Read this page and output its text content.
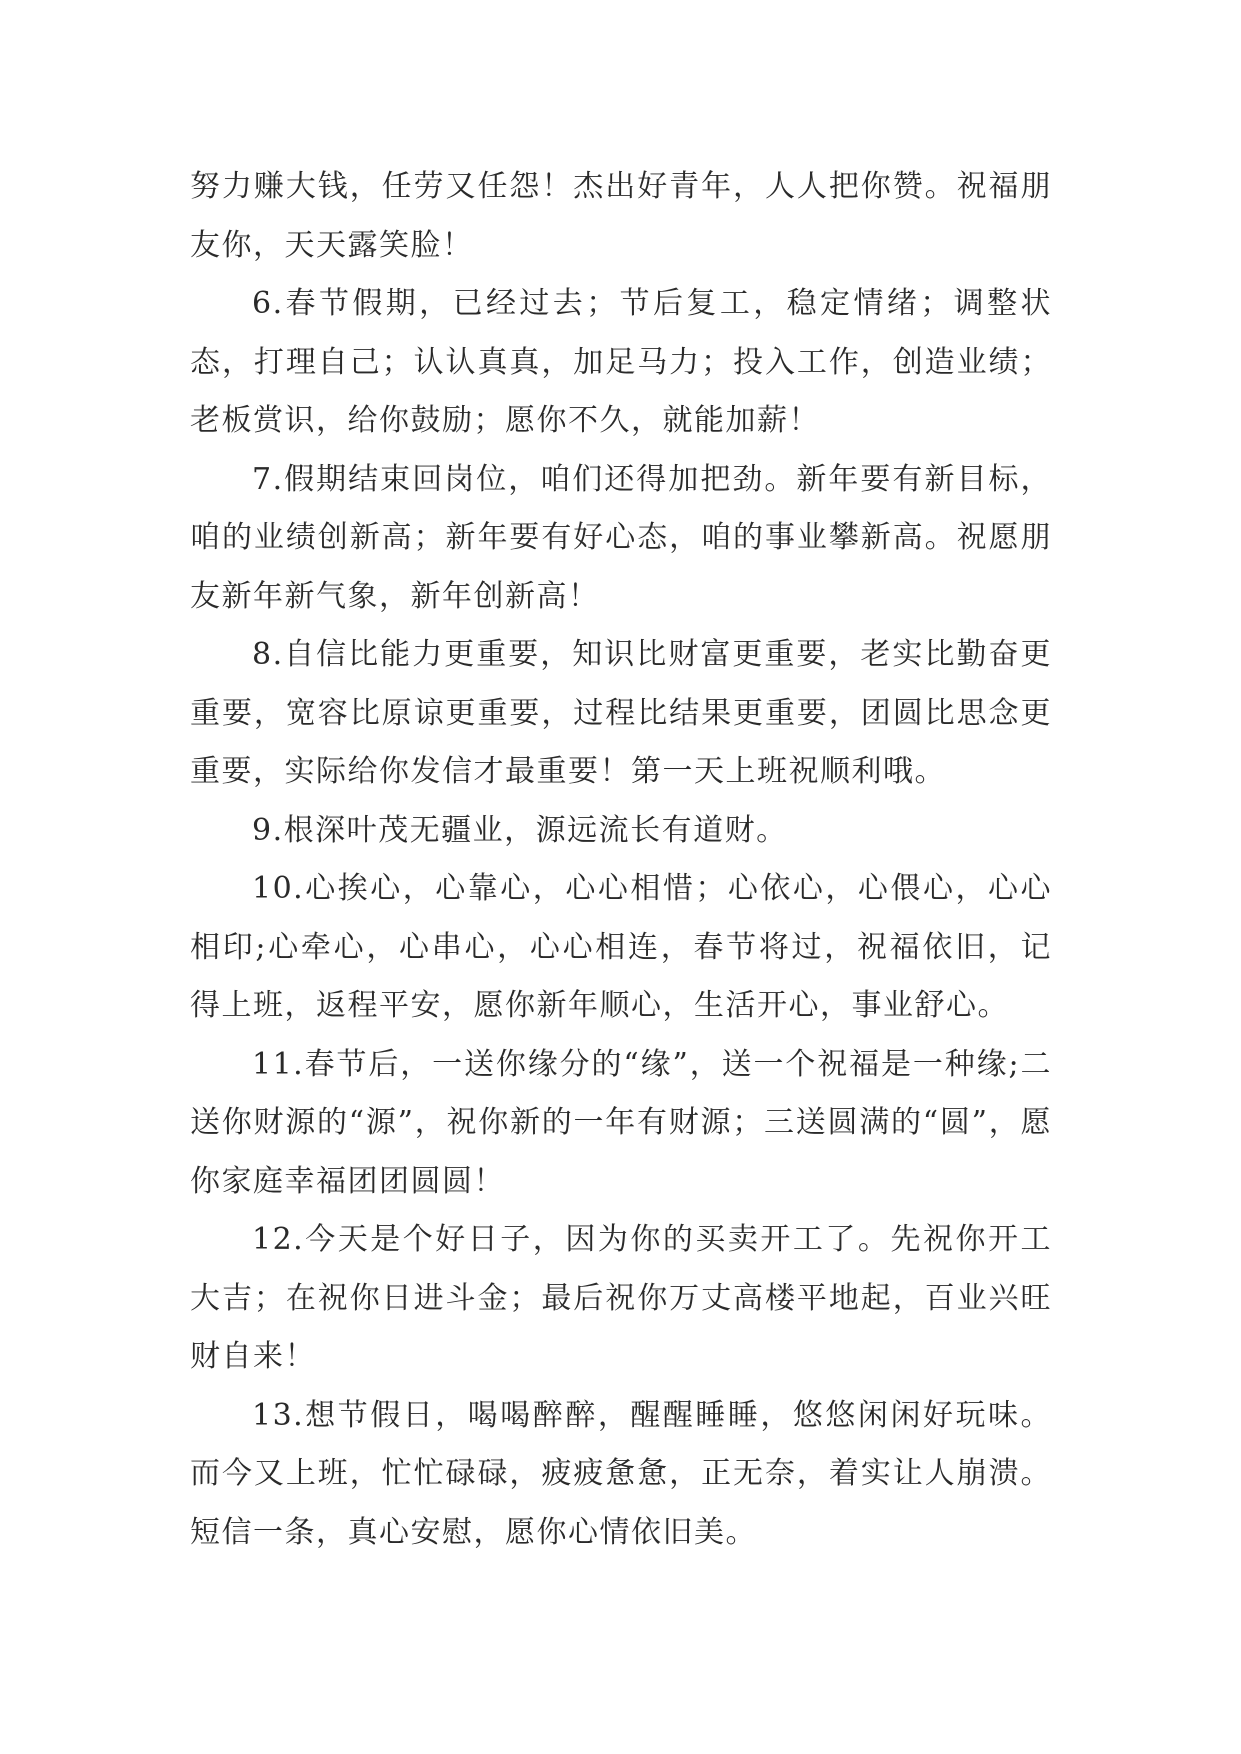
努力赚大钱，任劳又任怨！杰出好青年，人人把你赞。祝福朋友你，天天露笑脸！

6.春节假期，已经过去；节后复工，稳定情绪；调整状态，打理自己；认认真真，加足马力；投入工作，创造业绩；老板赏识，给你鼓励；愿你不久，就能加薪！

7.假期结束回岗位，咱们还得加把劲。新年要有新目标，咱的业绩创新高；新年要有好心态，咱的事业攀新高。祝愿朋友新年新气象，新年创新高！

8.自信比能力更重要，知识比财富更重要，老实比勤奋更重要，宽容比原谅更重要，过程比结果更重要，团圆比思念更重要，实际给你发信才最重要！第一天上班祝顺利哦。

9.根深叶茂无疆业，源远流长有道财。

10.心挨心，心靠心，心心相惜；心依心，心偎心，心心相印;心牵心，心串心，心心相连，春节将过，祝福依旧，记得上班，返程平安，愿你新年顺心，生活开心，事业舒心。

11.春节后，一送你缘分的“缘”，送一个祝福是一种缘;二送你财源的“源”，祝你新的一年有财源；三送圆满的“圆”，愿你家庭幸福团团圆圆！

12.今天是个好日子，因为你的买卖开工了。先祝你开工大吉；在祝你日进斗金；最后祝你万丈高楼平地起，百业兴旺财自来！

13.想节假日，喝喝醉醉，醒醒睡睡，悠悠闲闲好玩味。而今又上班，忙忙碌碌，疲疲惫惫，正无奈，着实让人崩溃。短信一条，真心安慰，愿你心情依旧美。
